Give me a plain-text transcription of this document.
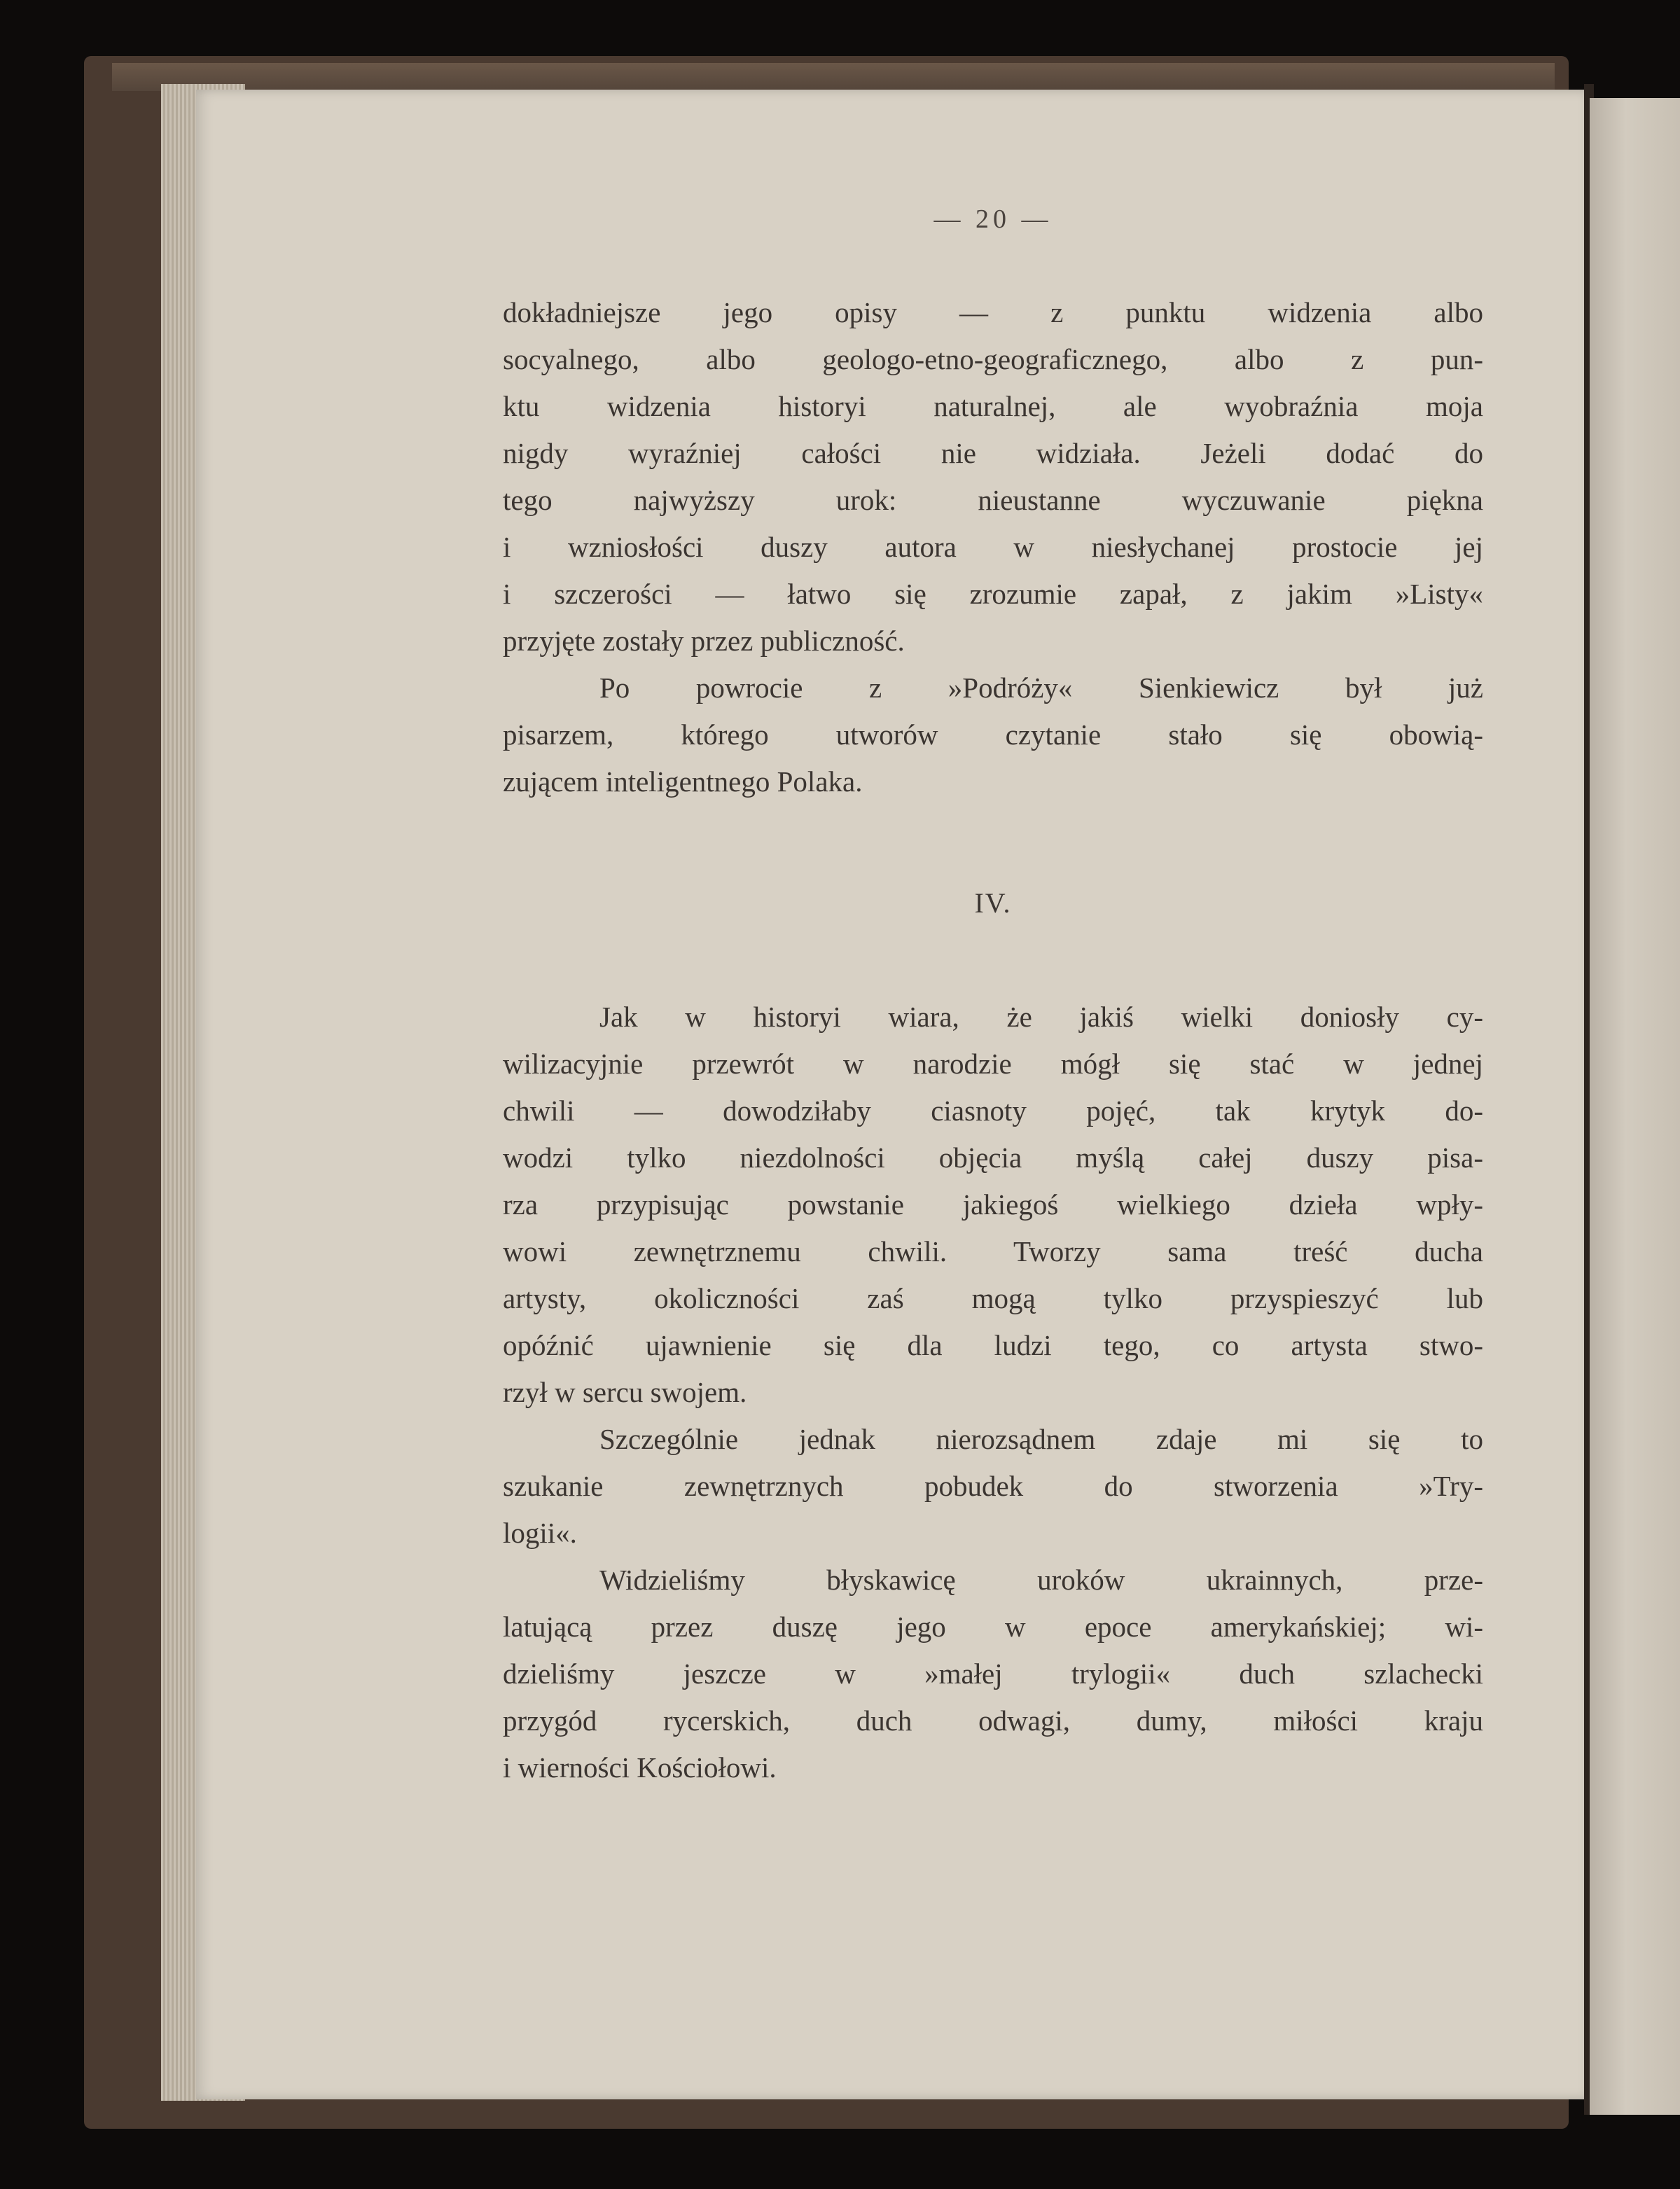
— 20 —
dokładniejsze jego opisy — z punktu widzenia albo
socyalnego, albo geologo-etno-geograficznego, albo z pun-
ktu widzenia historyi naturalnej, ale wyobraźnia moja
nigdy wyraźniej całości nie widziała. Jeżeli dodać do
tego najwyższy urok: nieustanne wyczuwanie piękna
i wzniosłości duszy autora w niesłychanej prostocie jej
i szczerości — łatwo się zrozumie zapał, z jakim »Listy«
przyjęte zostały przez publiczność.
Po powrocie z »Podróży« Sienkiewicz był już
pisarzem, którego utworów czytanie stało się obowią-
zującem inteligentnego Polaka.
IV.
Jak w historyi wiara, że jakiś wielki doniosły cy-
wilizacyjnie przewrót w narodzie mógł się stać w jednej
chwili — dowodziłaby ciasnoty pojęć, tak krytyk do-
wodzi tylko niezdolności objęcia myślą całej duszy pisa-
rza przypisując powstanie jakiegoś wielkiego dzieła wpły-
wowi zewnętrznemu chwili. Tworzy sama treść ducha
artysty, okoliczności zaś mogą tylko przyspieszyć lub
opóźnić ujawnienie się dla ludzi tego, co artysta stwo-
rzył w sercu swojem.
Szczególnie jednak nierozsądnem zdaje mi się to
szukanie zewnętrznych pobudek do stworzenia »Try-
logii«.
Widzieliśmy błyskawicę uroków ukrainnych, prze-
latującą przez duszę jego w epoce amerykańskiej; wi-
dzieliśmy jeszcze w »małej trylogii« duch szlachecki
przygód rycerskich, duch odwagi, dumy, miłości kraju
i wierności Kościołowi.
